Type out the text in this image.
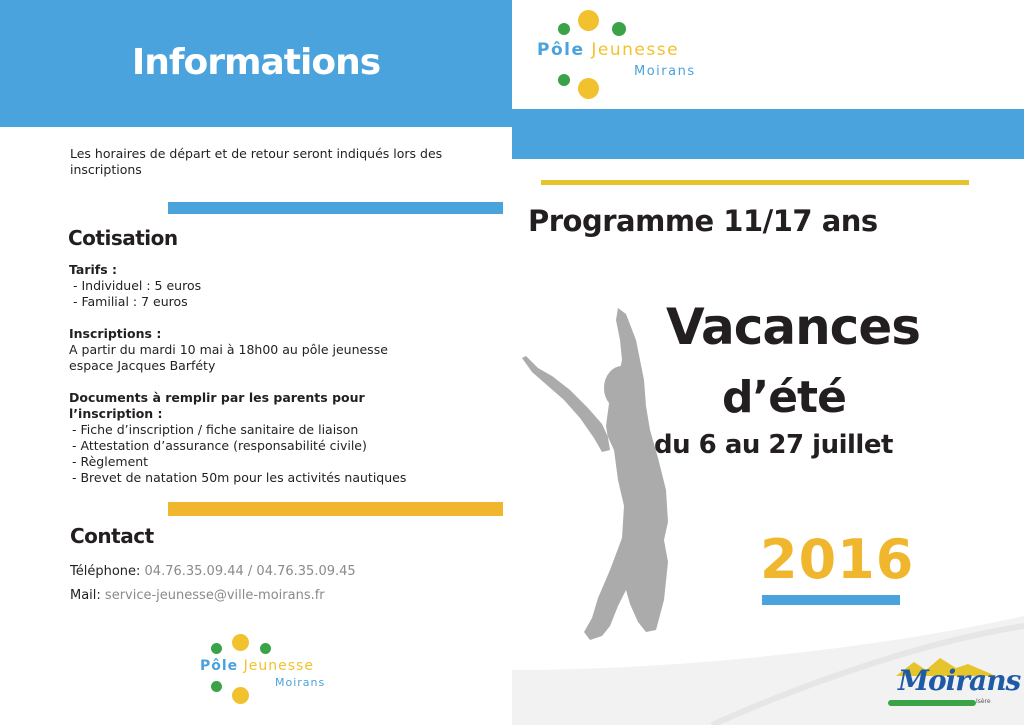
Informations
Les horaires de départ et de retour seront indiqués lors des inscriptions
Cotisation
Tarifs :
- Individuel : 5 euros
- Familial : 7 euros
Inscriptions :
A partir du mardi 10 mai à 18h00 au pôle jeunesse
espace Jacques Barféty
Documents à remplir par les parents pour
l’inscription :
- Fiche d’inscription / fiche sanitaire de liaison
- Attestation d’assurance (responsabilité civile)
- Règlement
- Brevet de natation 50m pour les activités nautiques
Contact
Téléphone: 04.76.35.09.44 / 04.76.35.09.45
Mail: service-jeunesse@ville-moirans.fr
Pôle Jeunesse
Moirans
Pôle Jeunesse
Moirans
Programme 11/17 ans
Vacances
d’été
du 6 au 27 juillet
2016
Moirans
Isère
